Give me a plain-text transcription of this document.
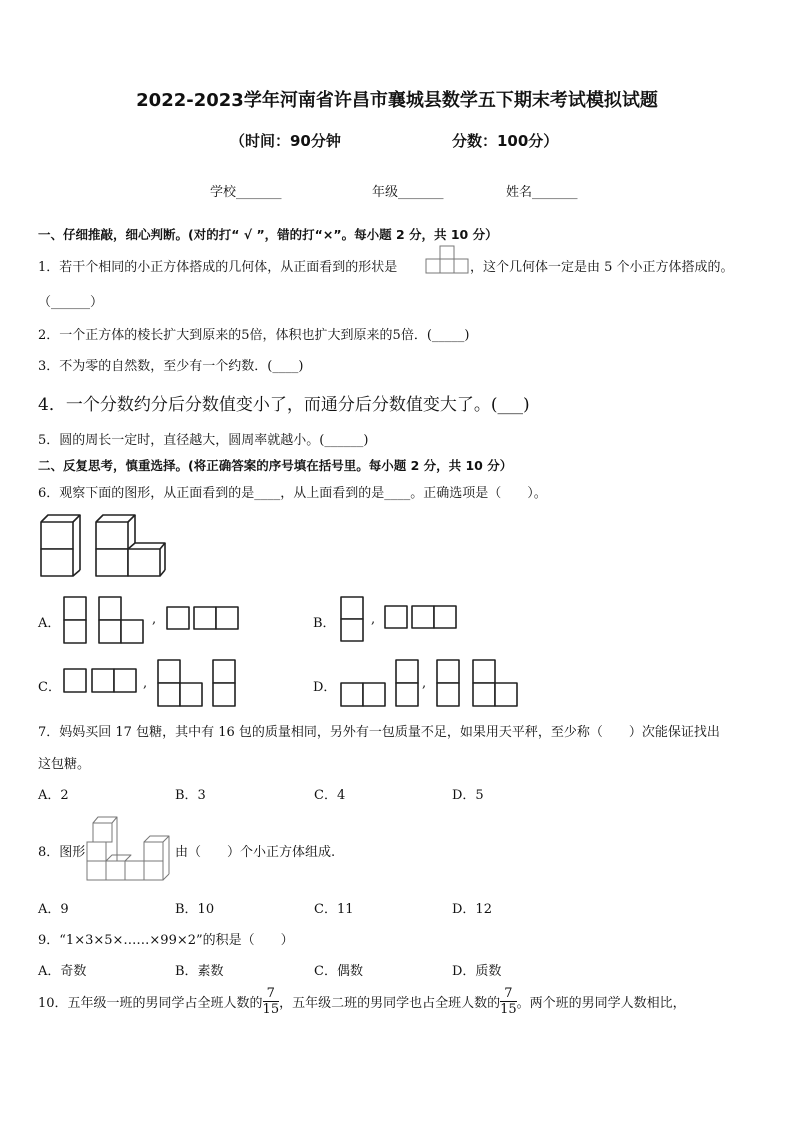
2022-2023学年河南省许昌市襄城县数学五下期末考试模拟试题
（时间：90分钟	分数：100分）
学校_______	年级_______	姓名_______
一、仔细推敲，细心判断。(对的打“ √ ”，错的打“×”。每小题 2 分，共 10 分）
1．若干个相同的小正方体搭成的几何体，从正面看到的形状是	，这个几何体一定是由 5 个小正方体搭成的。
（______）
2．一个正方体的棱长扩大到原来的5倍，体积也扩大到原来的5倍．(_____)
3．不为零的自然数，至少有一个约数．(____)
4．一个分数约分后分数值变小了，而通分后分数值变大了。(___)
5．圆的周长一定时，直径越大，圆周率就越小。(______)
二、反复思考，慎重选择。(将正确答案的序号填在括号里。每小题 2 分，共 10 分）
6．观察下面的图形，从正面看到的是____，从上面看到的是____。正确选项是（　　）。
A．	,	B．	,
C．	,	D．	,
7．妈妈买回 17 包糖，其中有 16 包的质量相同，另外有一包质量不足，如果用天平秤，至少称（　　）次能保证找出
这包糖。
A．2	B．3	C．4	D．5
8．图形	由（　　）个小正方体组成.
A．9	B．10	C．11	D．12
9．“1×3×5×……×99×2”的积是（　　）
A．奇数	B．素数	C．偶数	D．质数
10．五年级一班的男同学占全班人数的 $\frac{7}{15}$ ，五年级二班的男同学也占全班人数的 $\frac{7}{15}$ 。两个班的男同学人数相比，
